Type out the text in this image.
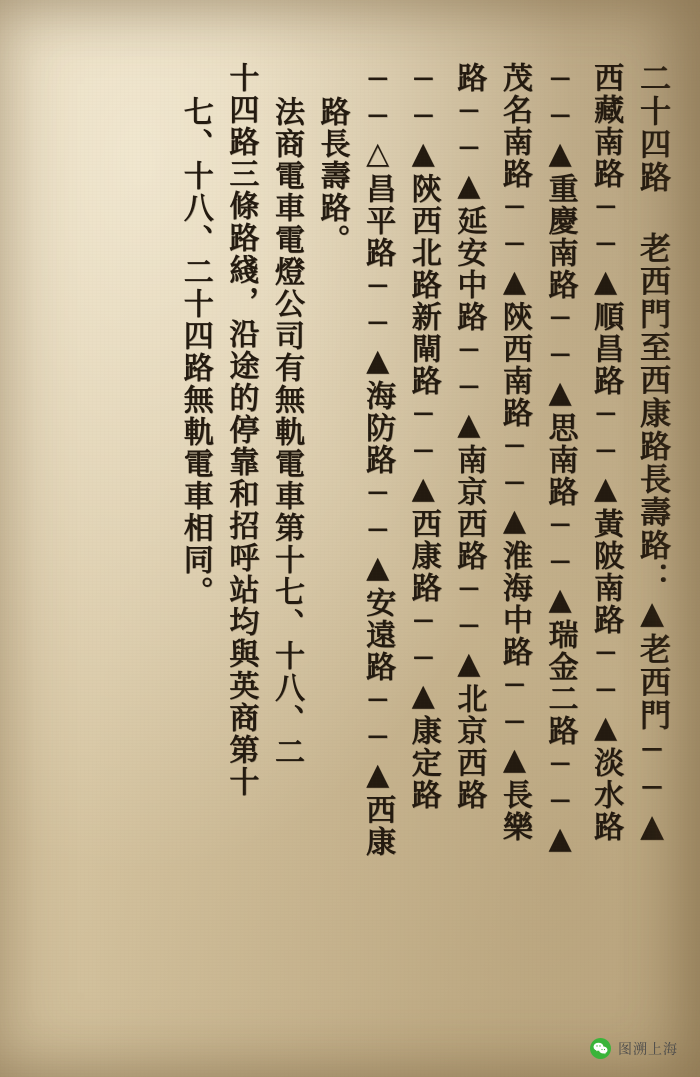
七、十八、二十四路無軌電車相同。 十四路三條路綫，沿途的停靠和招呼站均與英商第十 法商電車電燈公司有無軌電車第十七、十八、二 路長壽路。 ──△昌平路──▲海防路──▲安遠路──▲西康 ──▲陝西北路新閘路──▲西康路──▲康定路 路──▲延安中路──▲南京西路──▲北京西路 茂名南路──▲陝西南路──▲淮海中路──▲長樂 ──▲重慶南路──▲思南路──▲瑞金二路──▲ 西藏南路──▲順昌路──▲黃陂南路──▲淡水路 二十四路 老西門至西康路長壽路：▲老西門──▲
图溯上海
